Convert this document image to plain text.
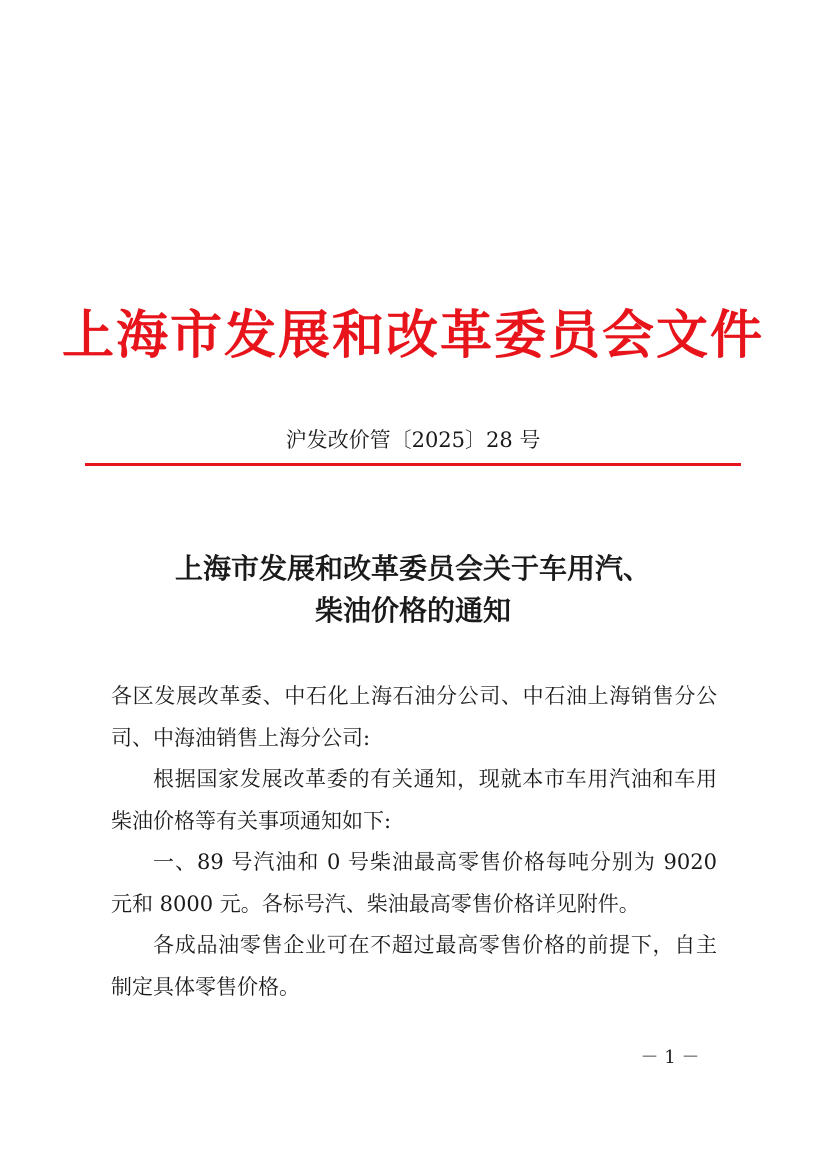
上海市发展和改革委员会文件
沪发改价管〔2025〕28 号
上海市发展和改革委员会关于车用汽、
柴油价格的通知

各区发展改革委、中石化上海石油分公司、中石油上海销售分公司、中海油销售上海分公司:

根据国家发展改革委的有关通知，现就本市车用汽油和车用柴油价格等有关事项通知如下:

一、89 号汽油和 0 号柴油最高零售价格每吨分别为 9020 元和 8000 元。各标号汽、柴油最高零售价格详见附件。

各成品油零售企业可在不超过最高零售价格的前提下，自主制定具体零售价格。

－ 1 －
